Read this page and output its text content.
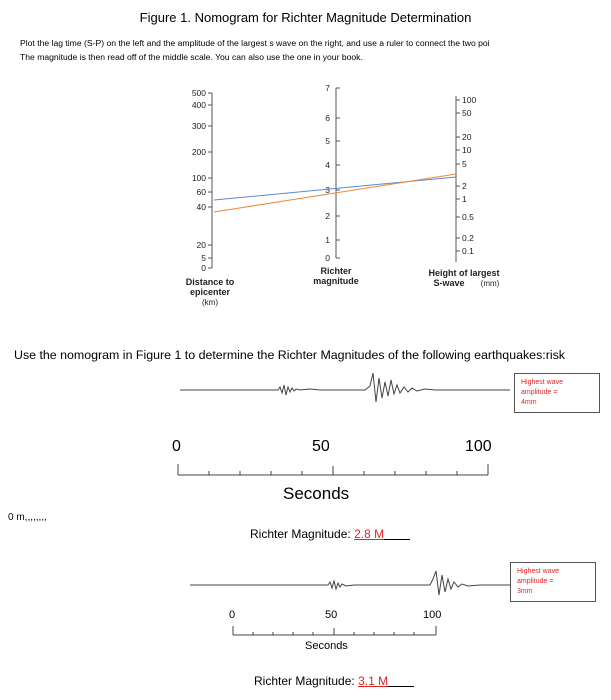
Figure 1. Nomogram for Richter Magnitude Determination
Plot the lag time (S-P) on the left and the amplitude of the largest s wave on the right, and use a ruler to connect the two poi
The magnitude is then read off of the middle scale. You can also use the one in your book.
500
400
300
200
100
60
40
20
5
0
Distance to
epicenter
(km)
7
6
5
4
3
2
1
0
Richter
magnitude
100
50
20
10
5
2
1
0.5
0.2
0.1
Height of largest
S-wave (mm)
Use the nomogram in Figure 1 to determine the Richter Magnitudes of the following earthquakes:risk
Highest wave
amplitude =
4mm
0	50	100
Seconds
0 m,,,,,,,,
Richter Magnitude: 2.8 M
Highest wave
amplitude =
3mm
0	50	100
Seconds
Richter Magnitude: 3.1 M
